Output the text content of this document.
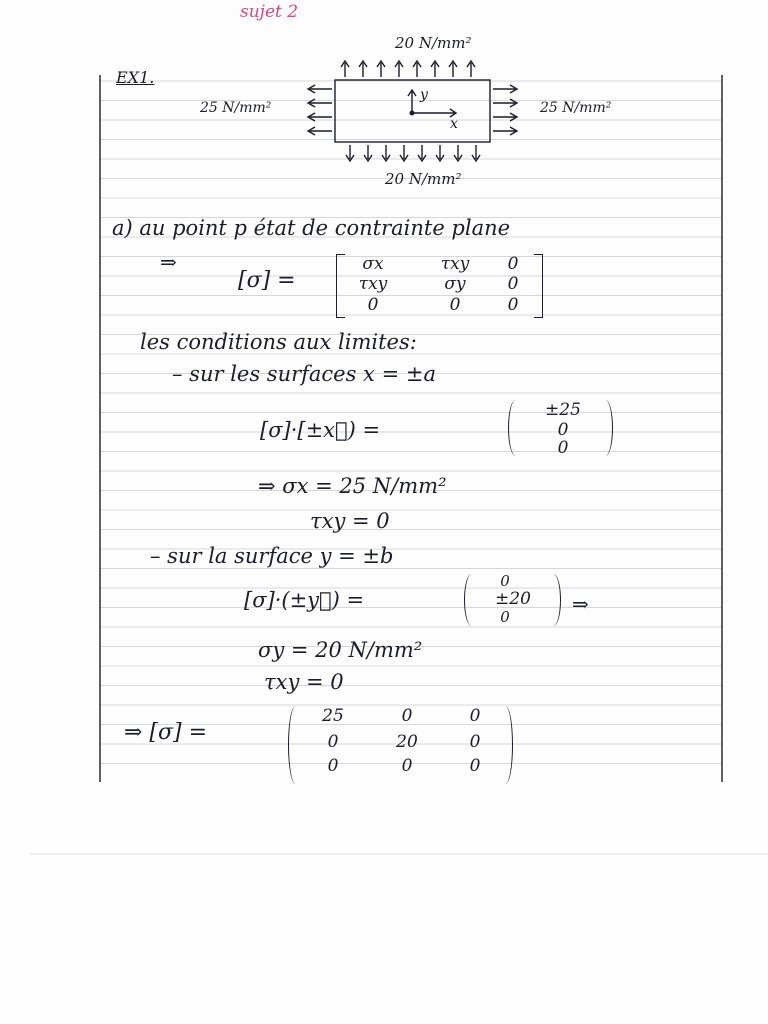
sujet 2
EX1.
20 N/mm²
20 N/mm²
25 N/mm²	25 N/mm²
y
x
a) au point p état de contrainte plane
⇒
[σ] =
σx	τxy	0
τxy	σy	0
0	0	0
les conditions aux limites:
– sur les surfaces x = ±a
[σ]·[±x⃗) =
±25
0
0
⇒ σx = 25 N/mm²
τxy = 0
– sur la surface y = ±b
[σ]·(±y⃗) =
0
±20
0
⇒
σy = 20 N/mm²
τxy = 0
⇒ [σ] =
25	0	0
0	20	0
0	0	0
